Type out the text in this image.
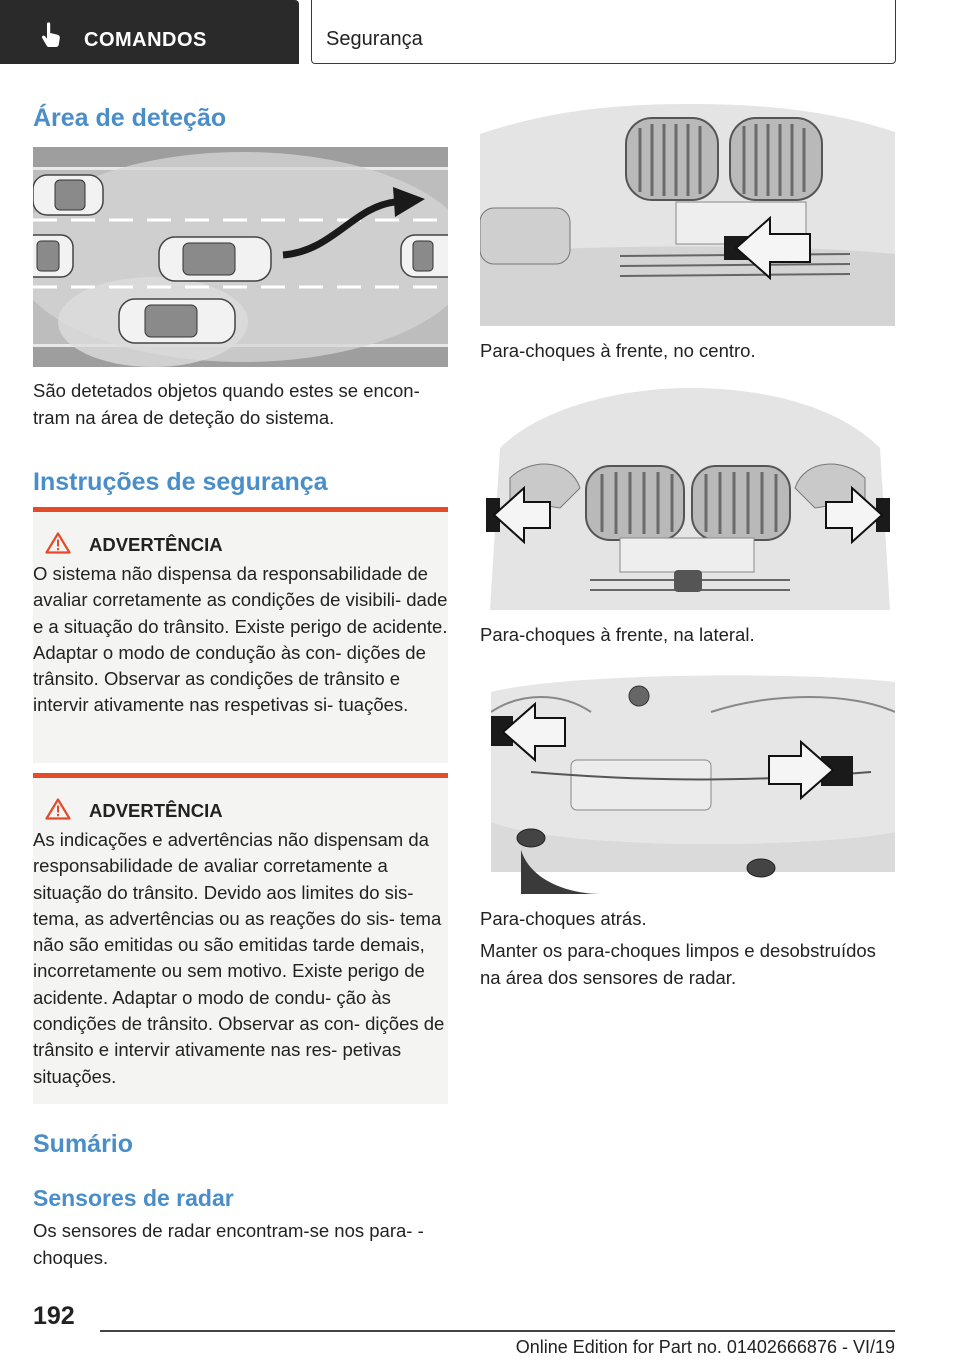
COMANDOS	Segurança
Área de deteção

São detetados objetos quando estes se encon‐ tram na área de deteção do sistema.

Instruções de segurança
ADVERTÊNCIA

O sistema não dispensa da responsabilidade de avaliar corretamente as condições de visibili‐ dade e a situação do trânsito. Existe perigo de acidente. Adaptar o modo de condução às con‐ dições de trânsito. Observar as condições de trânsito e intervir ativamente nas respetivas si‐ tuações.

ADVERTÊNCIA

As indicações e advertências não dispensam da responsabilidade de avaliar corretamente a situação do trânsito. Devido aos limites do sis‐ tema, as advertências ou as reações do sis‐ tema não são emitidas ou são emitidas tarde demais, incorretamente ou sem motivo. Existe perigo de acidente. Adaptar o modo de condu‐ ção às condições de trânsito. Observar as con‐ dições de trânsito e intervir ativamente nas res‐ petivas situações.

Sumário
Sensores de radar

Os sensores de radar encontram-se nos para‐ -choques.

Para-choques à frente, no centro.

Para-choques à frente, na lateral.

Para-choques atrás.

Manter os para-choques limpos e desobstruídos na área dos sensores de radar.

192
Online Edition for Part no. 01402666876 - VI/19
